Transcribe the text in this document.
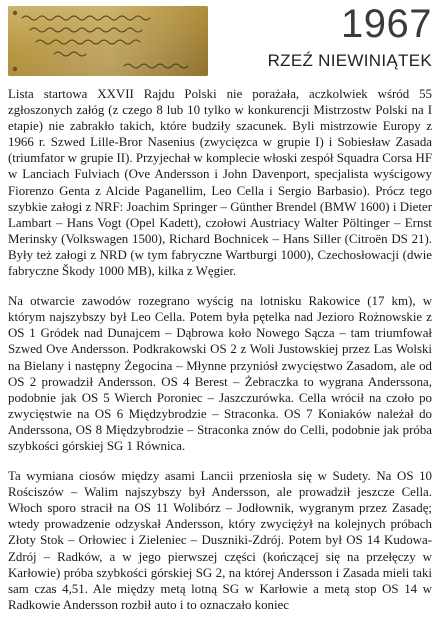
1967
RZEŹ NIEWINIĄTEK

Lista startowa XXVII Rajdu Polski nie porażała, aczkolwiek wśród 55 zgłoszonych załóg (z czego 8 lub 10 tylko w konkurencji Mistrzostw Polski na I etapie) nie zabrakło takich, które budziły szacunek. Byli mistrzowie Europy z 1966 r. Szwed Lille-Bror Nasenius (zwycięzca w grupie I) i Sobiesław Zasada (triumfator w grupie II). Przyjechał w komplecie włoski zespół Squadra Corsa HF w Lanciach Fulviach (Ove Andersson i John Davenport, specjalista wyścigowy Fiorenzo Genta z Alcide Paganellim, Leo Cella i Sergio Barbasio). Prócz tego szybkie załogi z NRF: Joachim Springer – Günther Brendel (BMW 1600) i Dieter Lambart – Hans Vogt (Opel Kadett), czołowi Austriacy Walter Pöltinger – Ernst Merinsky (Volkswagen 1500), Richard Bochnicek – Hans Siller (Citroën DS 21). Były też załogi z NRD (w tym fabryczne Wartburgi 1000), Czechosłowacji (dwie fabryczne Škody 1000 MB), kilka z Węgier.

Na otwarcie zawodów rozegrano wyścig na lotnisku Rakowice (17 km), w którym najszybszy był Leo Cella. Potem była pętelka nad Jezioro Rożnowskie z OS 1 Gródek nad Dunajcem – Dąbrowa koło Nowego Sącza – tam triumfował Szwed Ove Andersson. Podkrakowski OS 2 z Woli Justowskiej przez Las Wolski na Bielany i następny Żegocina – Młynne przyniósł zwycięstwo Zasadom, ale od OS 2 prowadził Andersson. OS 4 Berest – Żebraczka to wygrana Anderssona, podobnie jak OS 5 Wierch Poroniec – Jaszczurówka. Cella wrócił na czoło po zwycięstwie na OS 6 Międzybrodzie – Straconka. OS 7 Koniaków należał do Anderssona, OS 8 Międzybrodzie – Straconka znów do Celli, podobnie jak próba szybkości górskiej SG 1 Równica.

Ta wymiana ciosów między asami Lancii przeniosła się w Sudety. Na OS 10 Rościszów – Walim najszybszy był Andersson, ale prowadził jeszcze Cella. Włoch sporo stracił na OS 11 Wolibórz – Jodłownik, wygranym przez Zasadę; wtedy prowadzenie odzyskał Andersson, który zwyciężył na kolejnych próbach Złoty Stok – Orłowiec i Zieleniec – Duszniki-Zdrój. Potem był OS 14 Kudowa-Zdrój – Radków, a w jego pierwszej części (kończącej się na przełęczy w Karłowie) próba szybkości górskiej SG 2, na której Andersson i Zasada mieli taki sam czas 4,51. Ale między metą lotną SG w Karłowie a metą stop OS 14 w Radkowie Andersson rozbił auto i to oznaczało koniec
